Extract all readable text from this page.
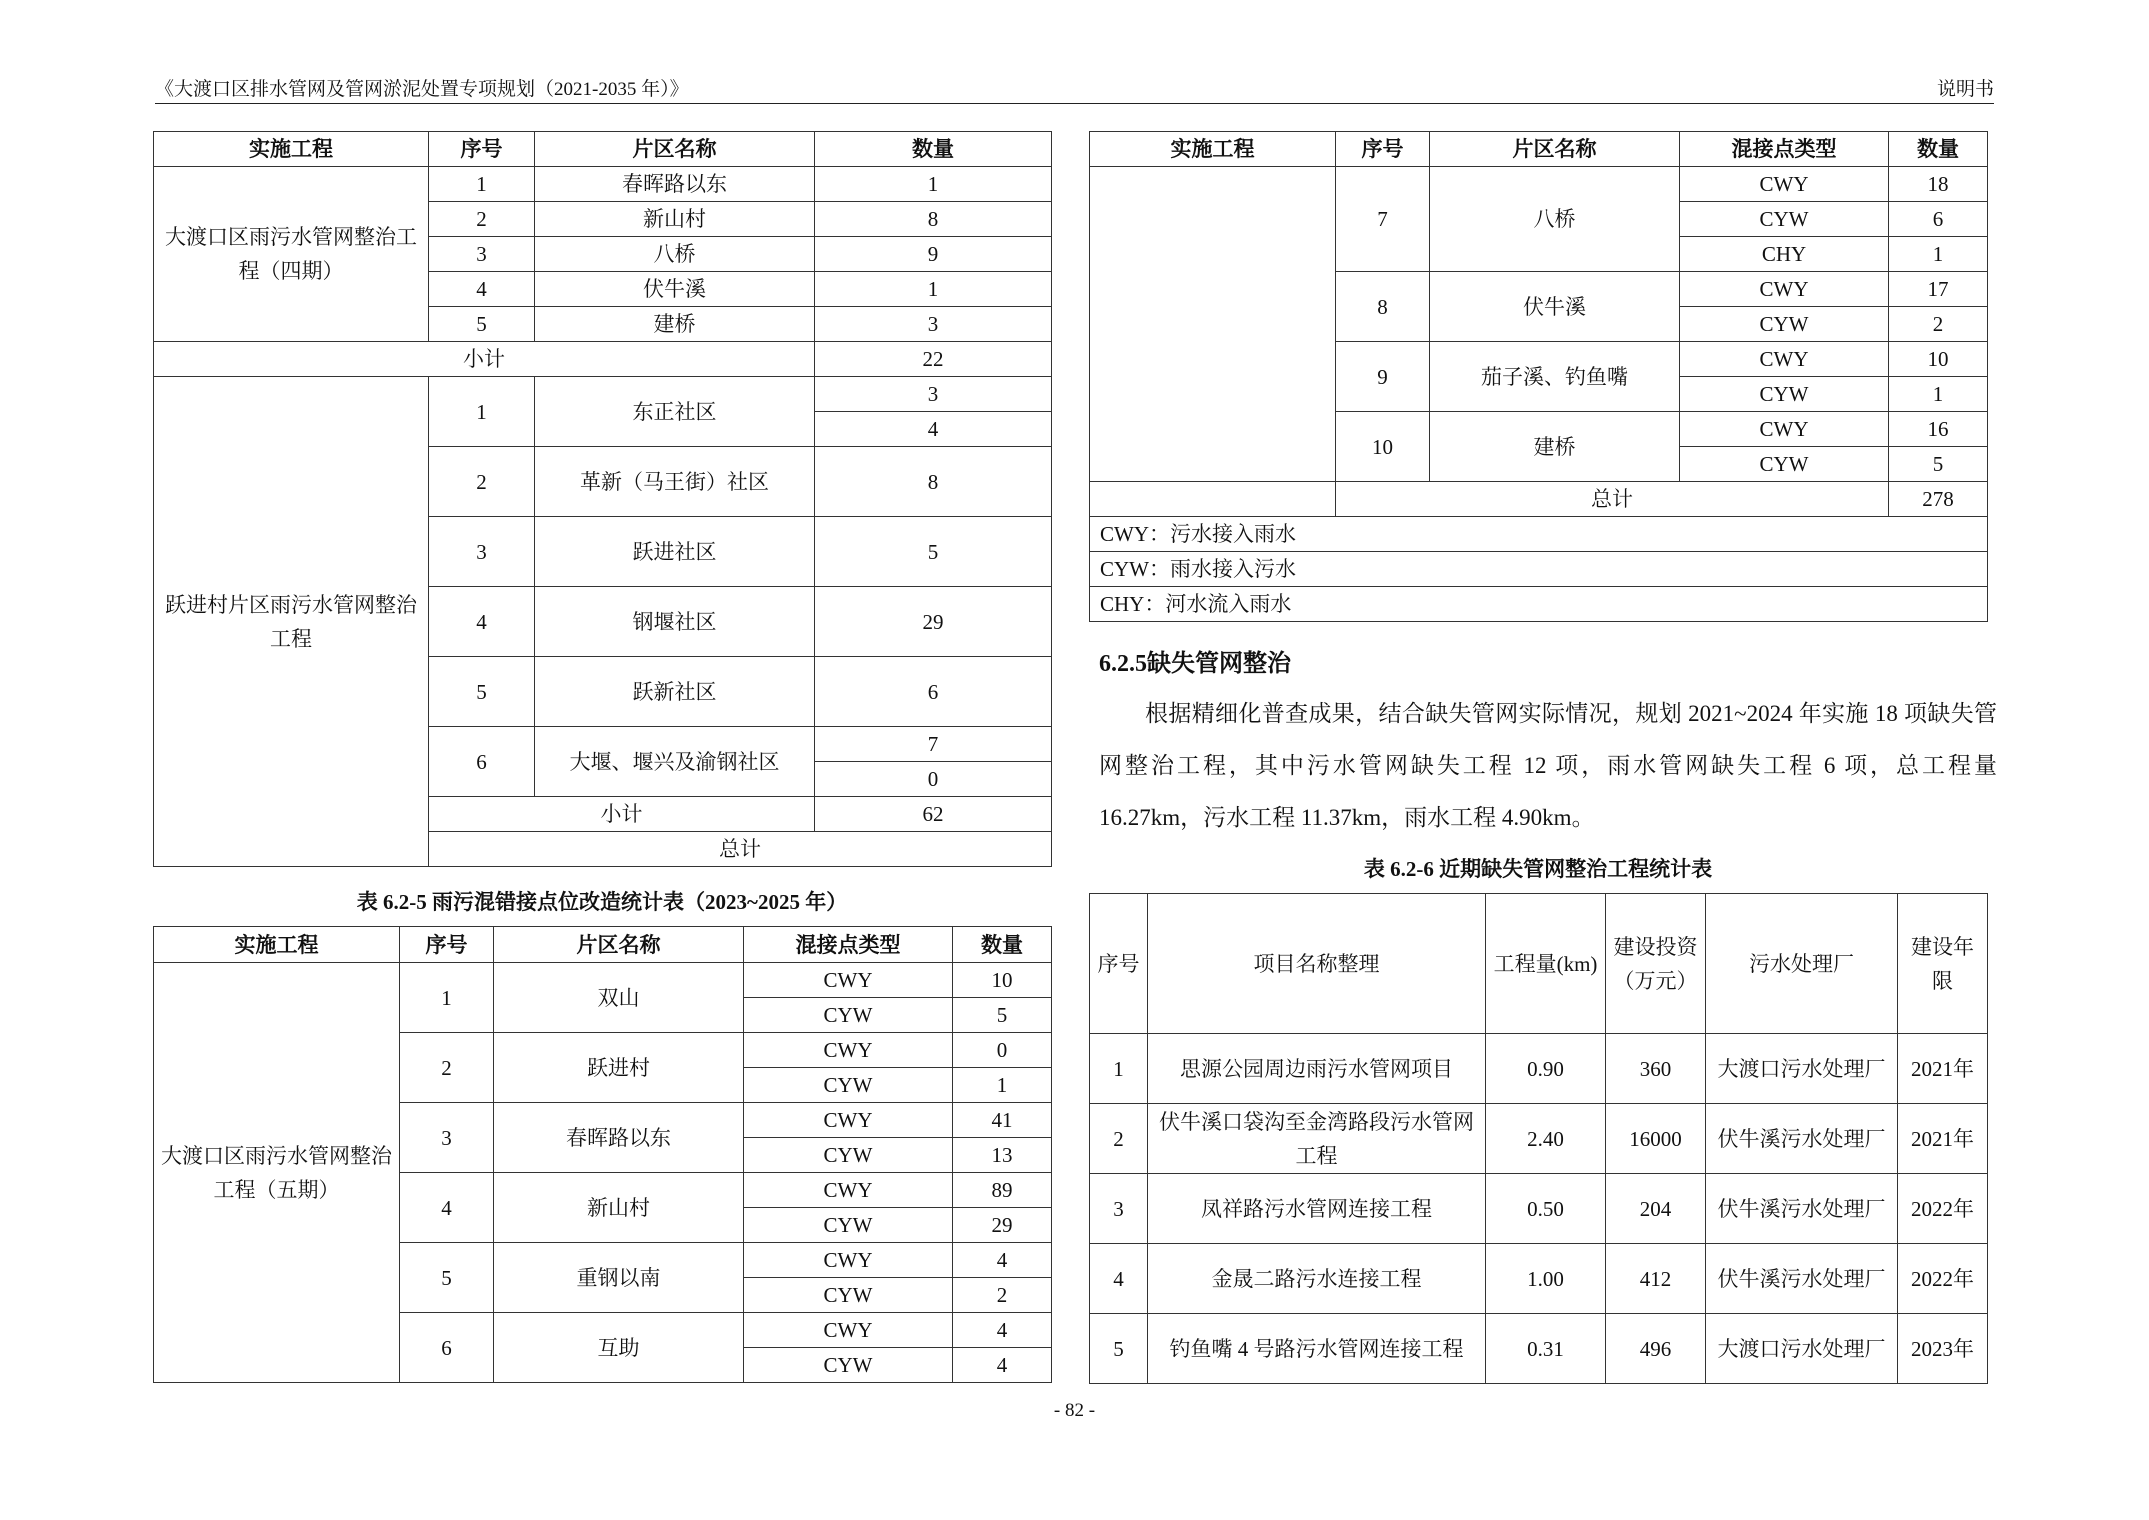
《大渡口区排水管网及管网淤泥处置专项规划（2021-2035 年）》	说明书
实施工程	序号	片区名称	数量	
大渡口区雨污水管网整治工程（四期）	1	春晖路以东	1	
	2	新山村	8	
	3	八桥	9	
	4	伏牛溪	1	
	5	建桥	3	
小计			22	
跃进村片区雨污水管网整治工程	1	东正社区	3	
			4	
	2	革新（马王街）社区	8	
	3	跃进社区	5	
	4	钢堰社区	29	
	5	跃新社区	6	
	6	大堰、堰兴及渝钢社区	7	
			0	
	小计		62	
	总计	
表 6.2-5 雨污混错接点位改造统计表（2023~2025 年）
实施工程	序号	片区名称	混接点类型	数量
大渡口区雨污水管网整治工程（五期）	1	双山	CWY	10
			CYW	5
	2	跃进村	CWY	0
			CYW	1
	3	春晖路以东	CWY	41
			CYW	13
	4	新山村	CWY	89
			CYW	29
	5	重钢以南	CWY	4
			CYW	2
	6	互助	CWY	4
			CYW	4
实施工程	序号	片区名称	混接点类型	数量
	7	八桥	CWY	18
			CYW	6
			CHY	1
	8	伏牛溪	CWY	17
			CYW	2
	9	茄子溪、钓鱼嘴	CWY	10
			CYW	1
	10	建桥	CWY	16
			CYW	5
	总计			278
CWY：污水接入雨水				
CYW：雨水接入污水				
CHY：河水流入雨水				
6.2.5缺失管网整治
根据精细化普查成果，结合缺失管网实际情况，规划 2021~2024 年实施 18 项缺失管网整治工程，其中污水管网缺失工程 12 项，雨水管网缺失工程 6 项，总工程量 16.27km，污水工程 11.37km，雨水工程 4.90km。
表 6.2-6 近期缺失管网整治工程统计表
序号	项目名称整理	工程量(km)	建设投资（万元）	污水处理厂	建设年限
1	思源公园周边雨污水管网项目	0.90	360	大渡口污水处理厂	2021年
2	伏牛溪口袋沟至金湾路段污水管网工程	2.40	16000	伏牛溪污水处理厂	2021年
3	凤祥路污水管网连接工程	0.50	204	伏牛溪污水处理厂	2022年
4	金晟二路污水连接工程	1.00	412	伏牛溪污水处理厂	2022年
5	钓鱼嘴 4 号路污水管网连接工程	0.31	496	大渡口污水处理厂	2023年
- 82 -
